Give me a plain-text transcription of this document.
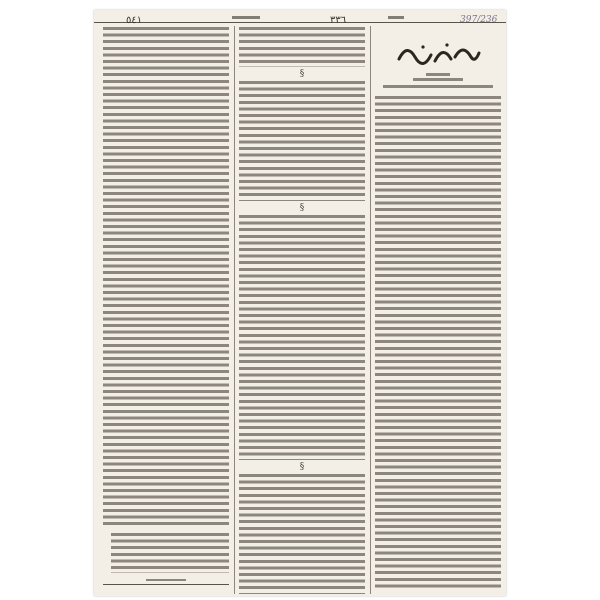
٥٤١	٣٣٦	397/236
§
§
§
